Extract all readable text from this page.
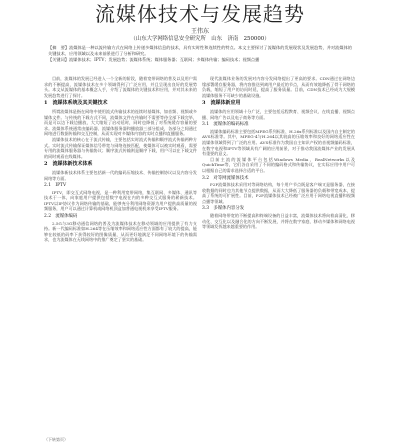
流媒体技术与发展趋势
王伟东
（山东大学网络信息安全研究所　山东　济南　250000）
【摘　要】流媒体是一种以流传输方式在网络上传递多媒体信息的技术，具有实时性和连续性的特点。本文主要探讨了流媒体的发展现状及发展趋势，并对流媒体的关键技术、应用领域以及未来前景进行了分析和研究。
【关键词】流媒体技术；IPTV；发展趋势；流媒体系统；媒体服务器；互联网；多媒体传输；编码技术；视频点播
目前，流媒体的发展已经进入一个全新的阶段，随着宽带网络的普及以及用户需求的不断提高，流媒体技术在多个领域得到了广泛应用，并且呈现出良好的发展势头。本文从流媒体的基本概念入手，介绍了流媒体的关键技术和应用，并对其未来的发展趋势进行了探讨。
1　流媒体系统及其关键技术
所谓流媒体是指在网络中使用流式传输技术的连续时基媒体，如音频、视频或多媒体文件。与传统的下载方式不同，流媒体文件在传输时不需要等待全部下载完毕，而是可以边下载边播放，大大缩短了启动延时，同时也降低了对系统缓存容量的要求。流媒体系统通常由编码器、流媒体服务器和播放器三部分组成，各部分之间通过网络进行数据传输和交互控制，从而实现对多媒体内容的实时点播和直播服务。
流媒体技术的核心在于流式传输，主要包括实时流式传输和顺序流式传输两种方式。实时流式传输保证媒体信号带宽与网络连接匹配，使媒体可以被实时观看，需要专用的流媒体服务器与传输协议；顺序流式传输则是顺序下载，用户可以在下载文件的同时观看在线媒体。
2　流媒体新技术体系
流媒体新技术体系主要包括新一代的编码压缩技术、传输控制协议以及内容分发网络等方面。
2.1　IPTV
IPTV，即交互式网络电视，是一种利用宽带网络，集互联网、多媒体、通讯等技术于一体，向家庭用户提供包括数字电视在内的多种交互式服务的崭新技术。IPTV以IP协议作为网络传输的基础，能够充分利用网络资源为用户提供高质量的视频服务，用户可以通过计算机或网络机顶盒加普通电视机来享受IPTV服务。
2.2　流媒体编码
2.5G与3G移动通信网络的普及为流媒体技术在移动领域的应用提供了有力支持。新一代编码标准如H.264等在压缩效率和网络适应性方面都有了较大的提高，能够在较低的码率下获得较好的图像质量，从而更好地满足不同网络环境下的传输需求，也为流媒体在无线网络中的推广奠定了坚实的基础。
现代流媒体业务的发展对内容分发网络提出了更高的要求。CDN通过在网络边缘部署缓存服务器，将内容推送到离用户最近的节点，从而有效地降低了骨干网络的负载，缩短了用户的访问时延，提高了服务质量。目前，CDN技术已经成为大规模流媒体服务不可缺少的基础设施。
3　流媒体新应用
流媒体的应用领域十分广泛，主要包括远程教育、视频会议、在线直播、视频点播、网络广告以及电子商务等方面。
3.1　流媒体的编码标准
流媒体编码标准主要包括MPEG系列标准、H.26x系列标准以及国内自主制定的AVS标准等。其中，MPEG-4与H.264以其较高的压缩效率和良好的网络适应性在流媒体领域得到了广泛的应用。AVS标准作为我国自主知识产权的音视频编码标准，在数字电视和IPTV等领域具有广阔的应用前景，对于推动我国流媒体产业的发展具有重要的意义。
目前主流的流媒体平台包括Windows Media、RealNetworks以及QuickTime等，它们各自采用了不同的编码格式和传输协议，在实际应用中用户可以根据自己的需求选择合适的平台。
3.2　对等网流媒体技术
P2P流媒体技术采用对等网络结构，每个用户节点既是客户端又是服务器，在接收数据的同时也为其他节点提供数据，从而大大降低了服务器的负载和带宽成本，提高了系统的可扩展性。目前，P2P流媒体技术已经被广泛应用于网络电视直播和视频点播等领域。
3.3　多媒体内容分发
随着网络带宽的不断提高和终端设备的日益丰富，流媒体技术将向着高清化、移动化、交互化以及融合化的方向不断发展，并将在数字家庭、移动多媒体和网络电视等领域发挥越来越重要的作用。
（下转第页）
